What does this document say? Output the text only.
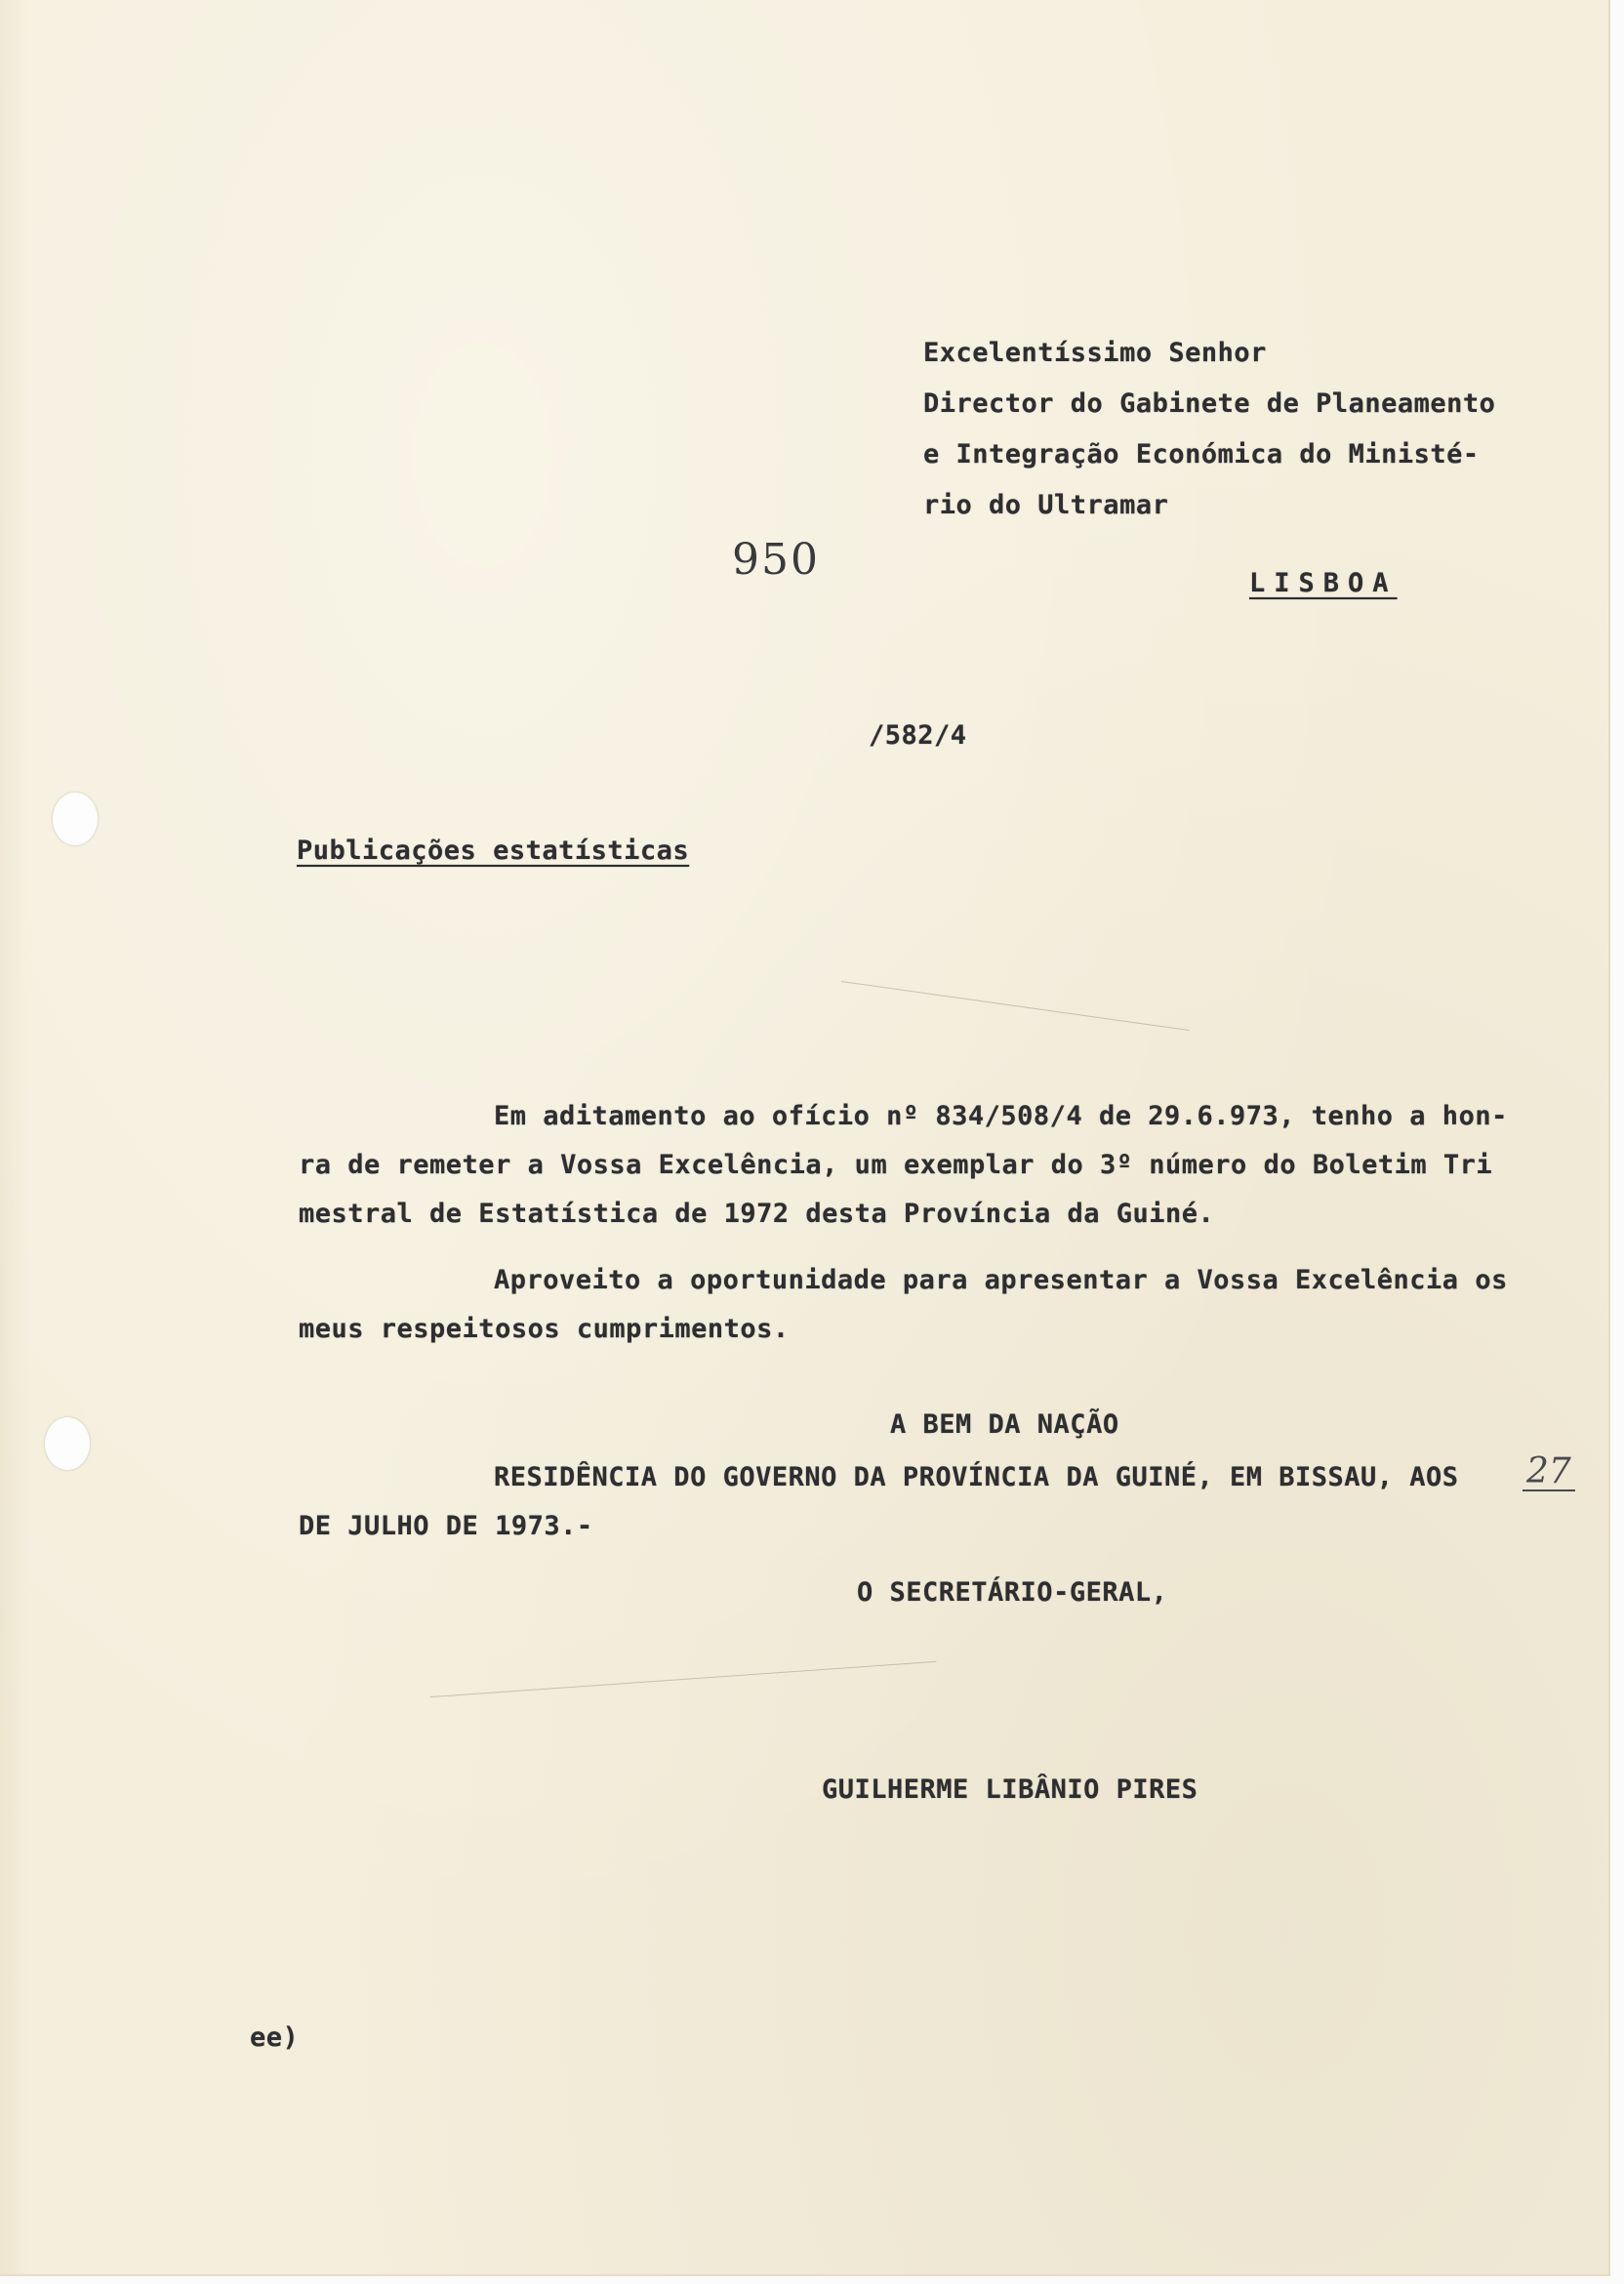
Excelentíssimo Senhor
Director do Gabinete de Planeamento
e Integração Económica do Ministé-
rio do Ultramar
950	LISBOA
/582/4
Publicações estatísticas
Em aditamento ao ofício nº 834/508/4 de 29.6.973, tenho a hon-
ra de remeter a Vossa Excelência, um exemplar do 3º número do Boletim Tri
mestral de Estatística de 1972 desta Província da Guiné.
Aproveito a oportunidade para apresentar a Vossa Excelência os
meus respeitosos cumprimentos.
A BEM DA NAÇÃO
RESIDÊNCIA DO GOVERNO DA PROVÍNCIA DA GUINÉ, EM BISSAU, AOS 27
DE JULHO DE 1973.-
O SECRETÁRIO-GERAL,
GUILHERME LIBÂNIO PIRES
ee)
